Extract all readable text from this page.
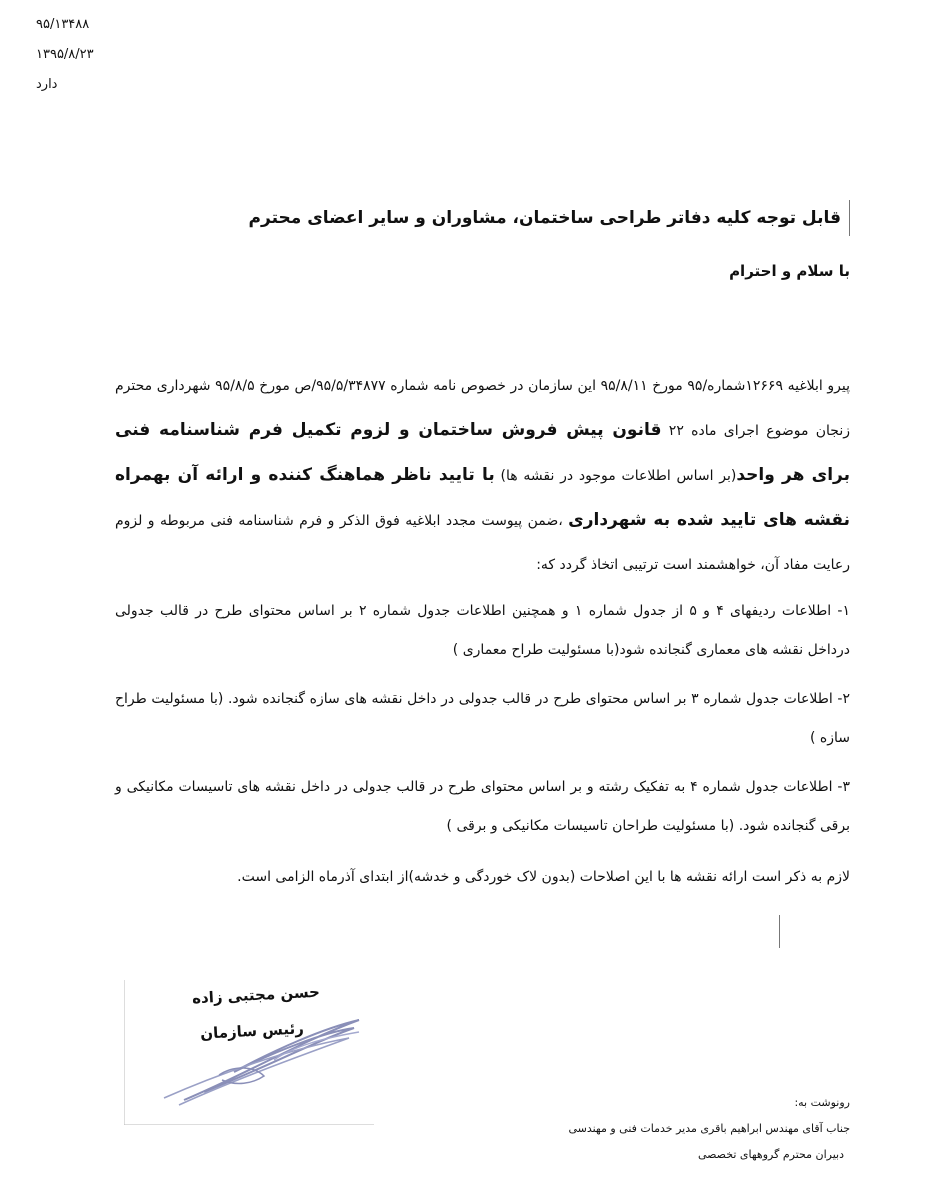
۹۵/۱۳۴۸۸
۱۳۹۵/۸/۲۳
دارد
قابل توجه کلیه دفاتر طراحی ساختمان، مشاوران و سایر اعضای محترم
با سلام و احترام
پیرو ابلاغیه ۱۲۶۶۹شماره/۹۵ مورخ ۹۵/۸/۱۱ این سازمان در خصوص نامه شماره ۹۵/۵/۳۴۸۷۷/ص مورخ ۹۵/۸/۵ شهرداری محترم زنجان موضوع اجرای ماده ۲۲ قانون پیش فروش ساختمان و لزوم تکمیل فرم شناسنامه فنی برای هر واحد(بر اساس اطلاعات موجود در نقشه ها) با تایید ناظر هماهنگ کننده و ارائه آن بهمراه نقشه های تایید شده به شهرداری ،ضمن پیوست مجدد ابلاغیه فوق الذکر و فرم شناسنامه فنی مربوطه و لزوم رعایت مفاد آن، خواهشمند است ترتیبی اتخاذ گردد که:
۱- اطلاعات ردیفهای ۴ و ۵ از جدول شماره ۱ و همچنین اطلاعات جدول شماره ۲ بر اساس محتوای طرح در قالب جدولی درداخل نقشه های معماری گنجانده شود(با مسئولیت طراح معماری )
۲- اطلاعات جدول شماره ۳ بر اساس محتوای طرح در قالب جدولی در داخل نقشه های سازه گنجانده شود. (با مسئولیت طراح سازه )
۳- اطلاعات جدول شماره ۴ به تفکیک رشته و بر اساس محتوای طرح در قالب جدولی در داخل نقشه های تاسیسات مکانیکی و برقی گنجانده شود. (با مسئولیت طراحان تاسیسات مکانیکی و برقی )
لازم به ذکر است ارائه نقشه ها با این اصلاحات (بدون لاک خوردگی و خدشه)از ابتدای آذرماه الزامی است.
حسن مجتبی زاده
رئیس سازمان
رونوشت به:
جناب آقای مهندس ابراهیم باقری مدیر خدمات فنی و مهندسی
دبیران محترم گروههای تخصصی
